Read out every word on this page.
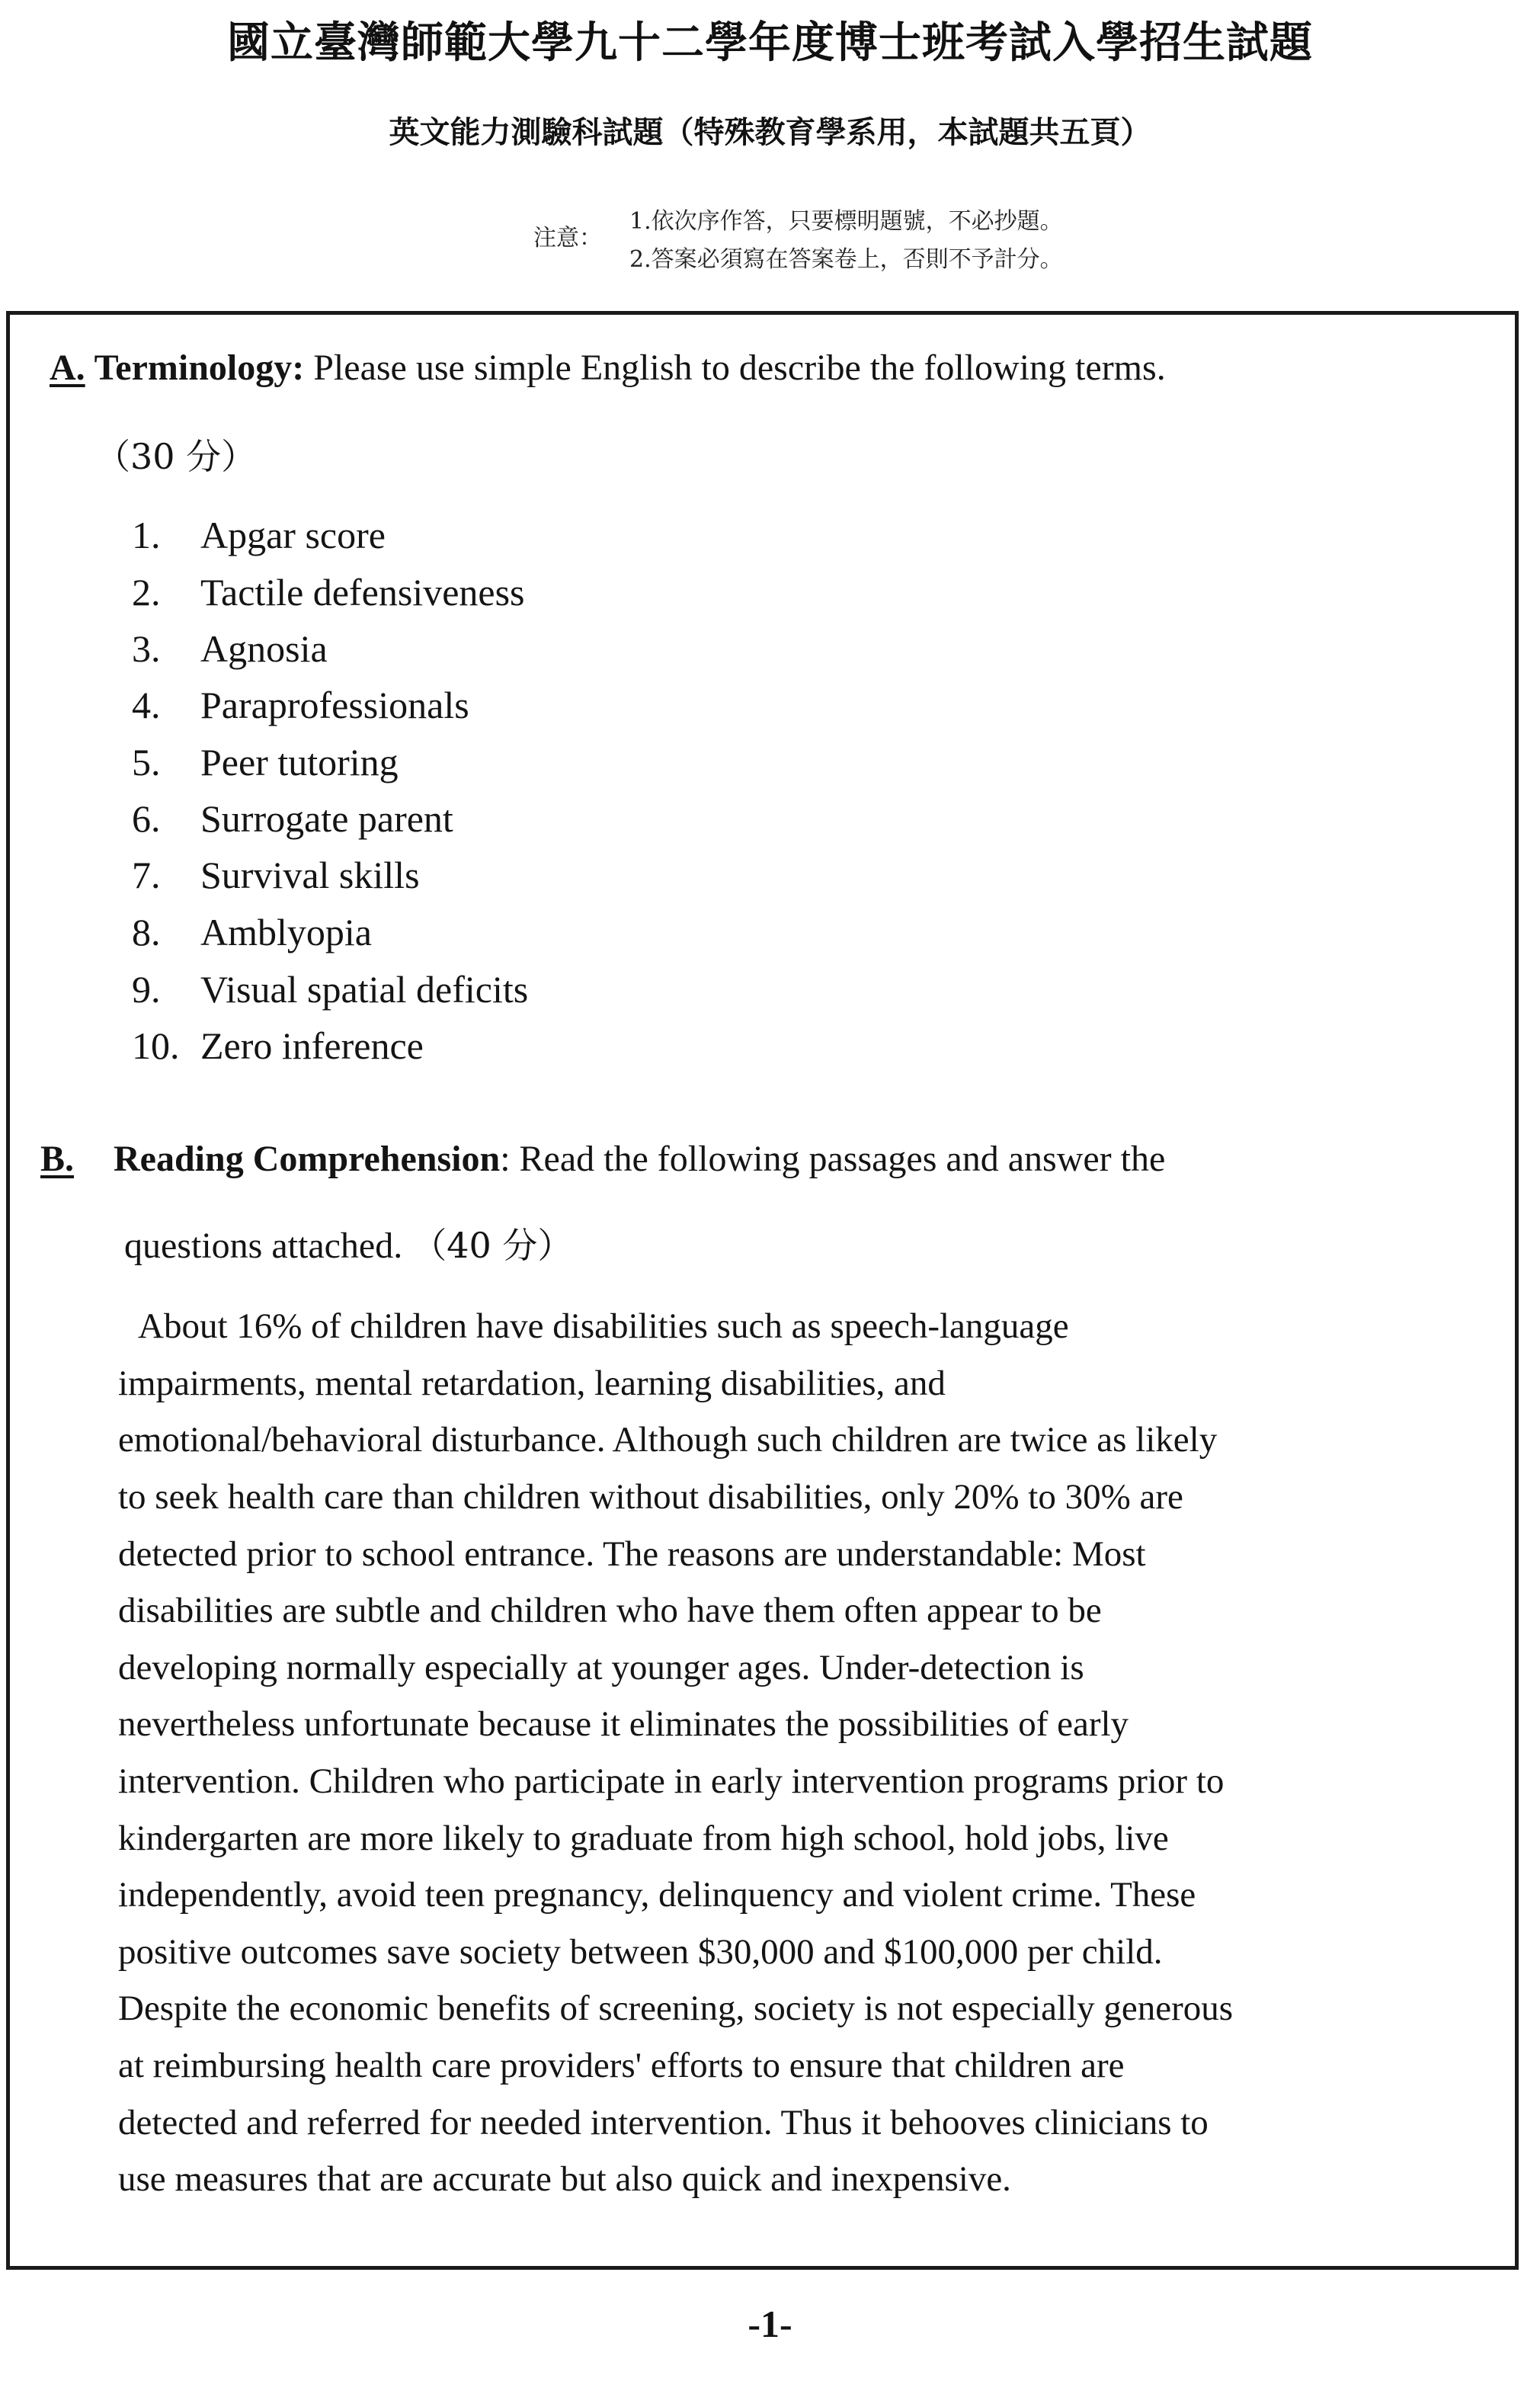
國立臺灣師範大學九十二學年度博士班考試入學招生試題
英文能力測驗科試題（特殊教育學系用，本試題共五頁）
注意：
1.依次序作答，只要標明題號，不必抄題。
2.答案必須寫在答案卷上，否則不予計分。
A. Terminology: Please use simple English to describe the following terms.
（30 分）
1. Apgar score
2. Tactile defensiveness
3. Agnosia
4. Paraprofessionals
5. Peer tutoring
6. Surrogate parent
7. Survival skills
8. Amblyopia
9. Visual spatial deficits
10. Zero inference
B. Reading Comprehension: Read the following passages and answer the
questions attached. （40 分）
About 16% of children have disabilities such as speech-language
impairments, mental retardation, learning disabilities, and
emotional/behavioral disturbance. Although such children are twice as likely
to seek health care than children without disabilities, only 20% to 30% are
detected prior to school entrance. The reasons are understandable: Most
disabilities are subtle and children who have them often appear to be
developing normally especially at younger ages. Under-detection is
nevertheless unfortunate because it eliminates the possibilities of early
intervention. Children who participate in early intervention programs prior to
kindergarten are more likely to graduate from high school, hold jobs, live
independently, avoid teen pregnancy, delinquency and violent crime. These
positive outcomes save society between $30,000 and $100,000 per child.
Despite the economic benefits of screening, society is not especially generous
at reimbursing health care providers' efforts to ensure that children are
detected and referred for needed intervention. Thus it behooves clinicians to
use measures that are accurate but also quick and inexpensive.
-1-
